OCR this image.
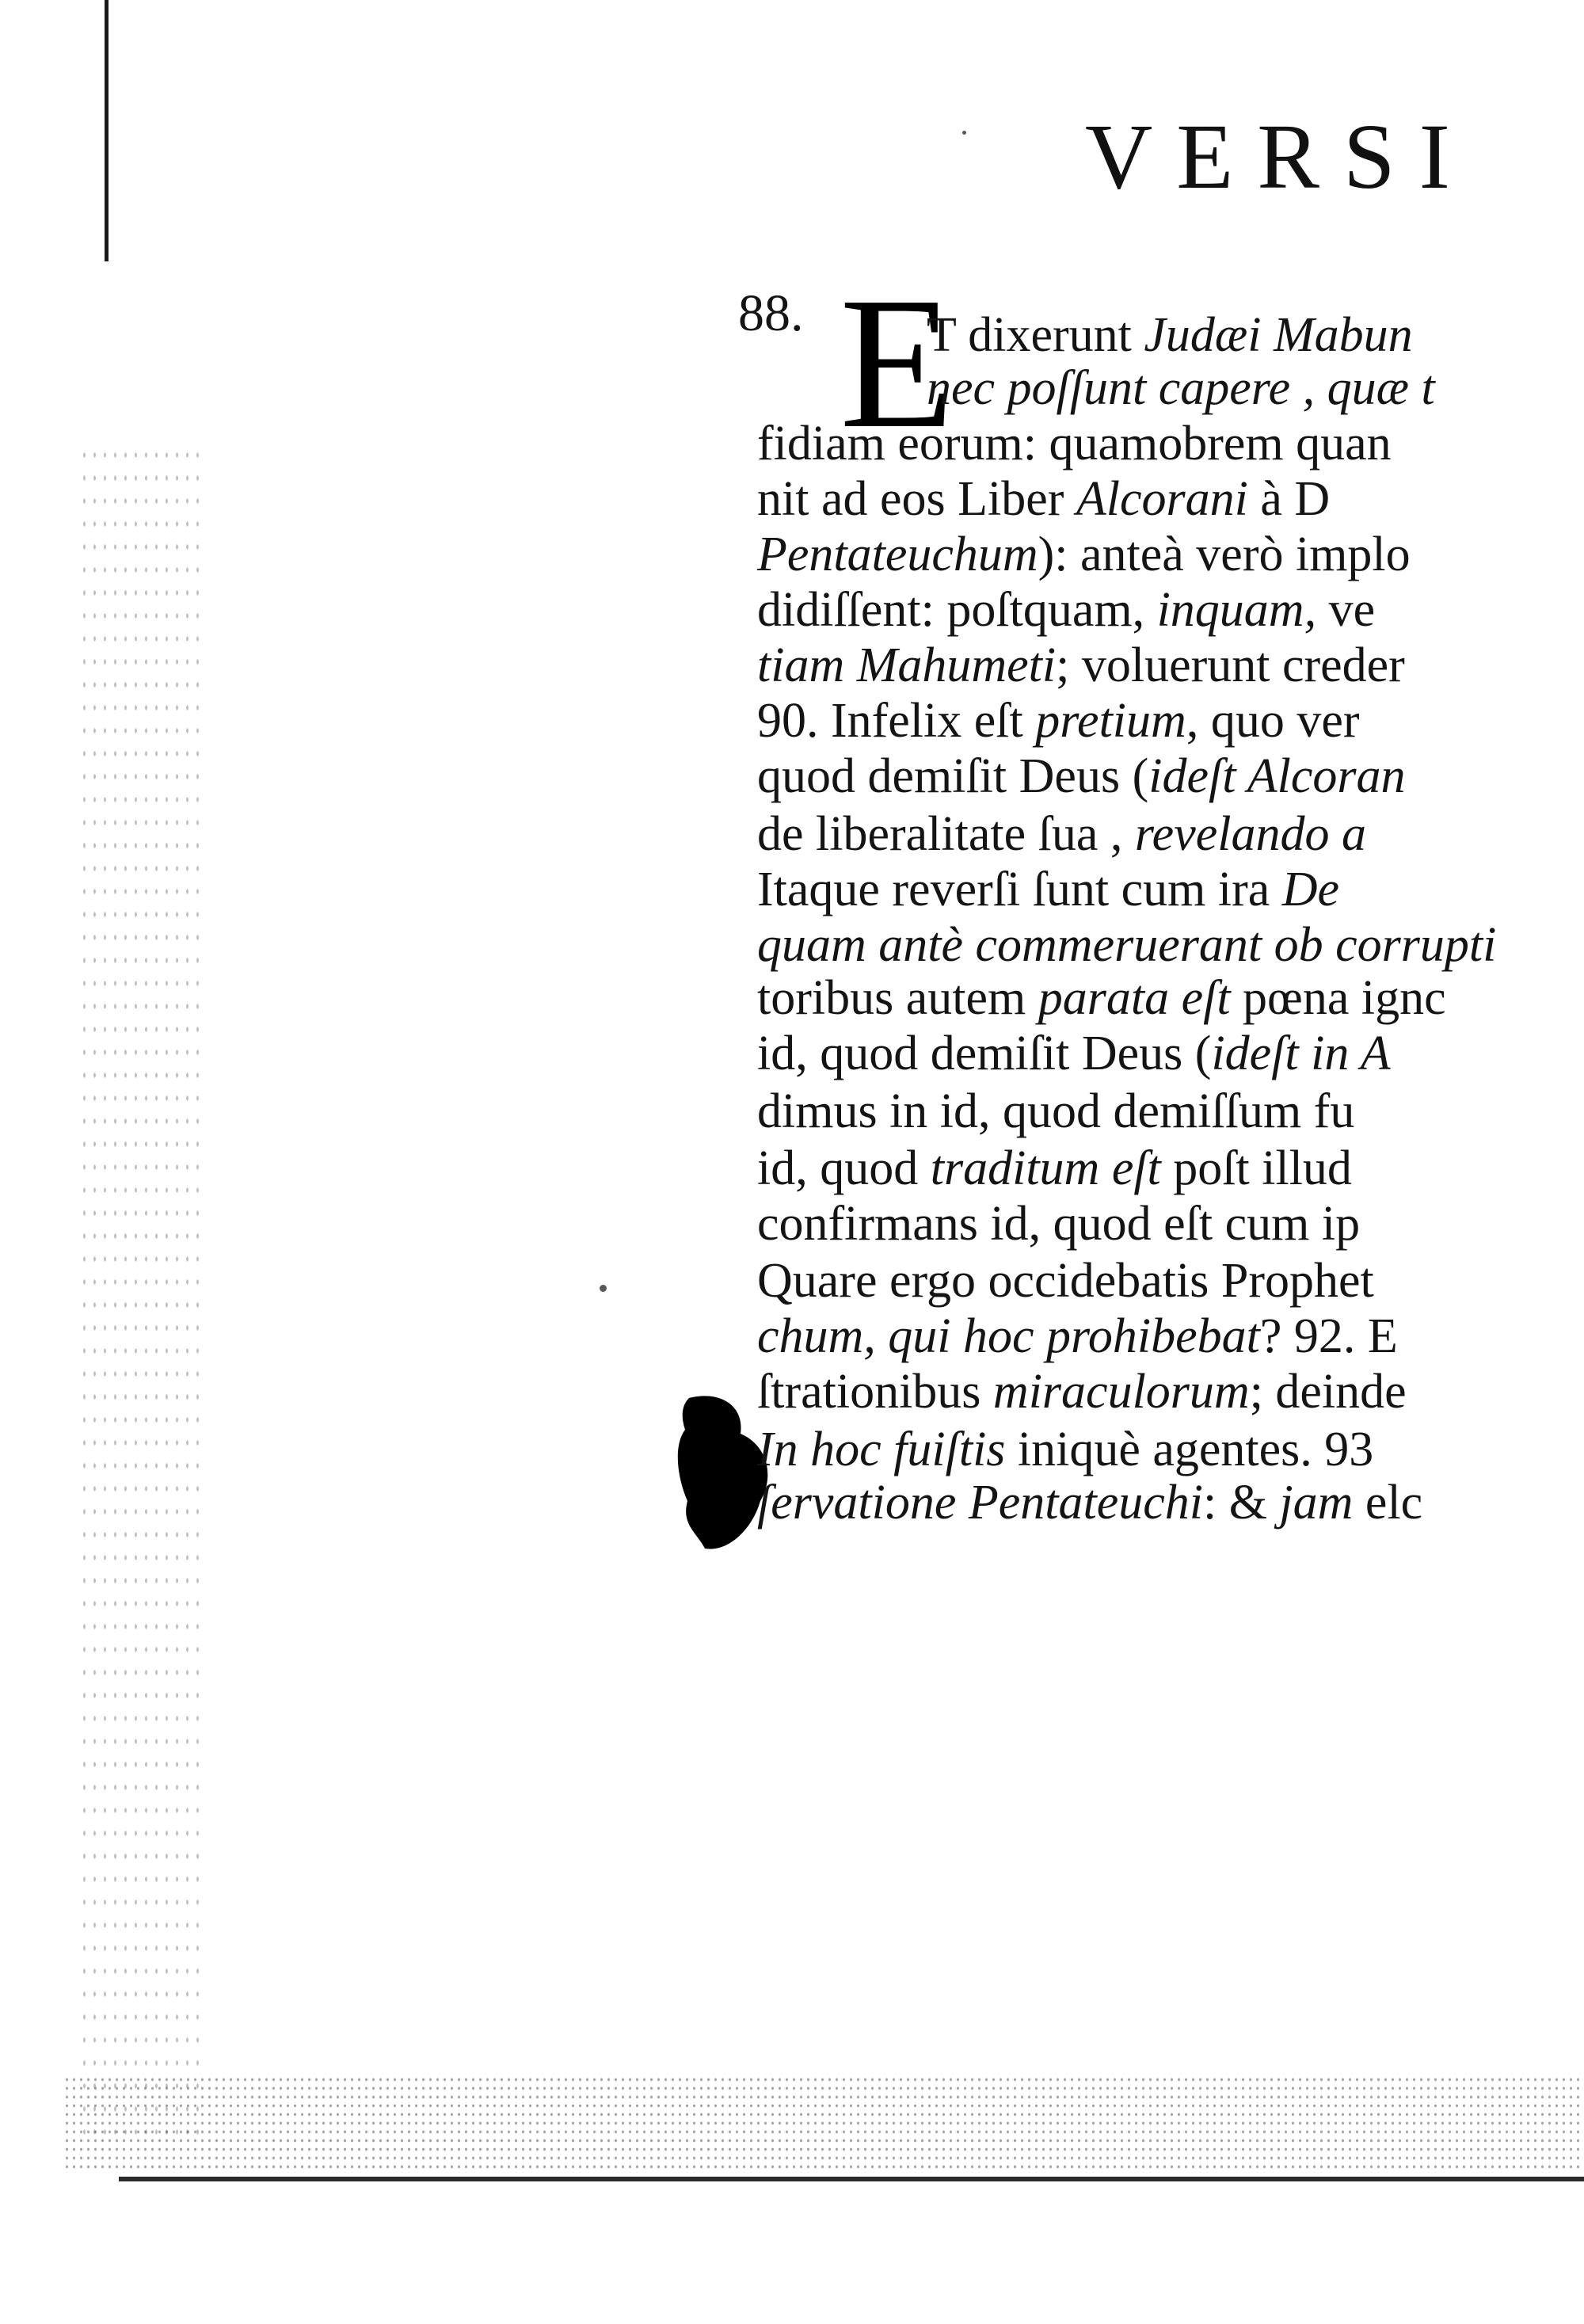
VERSI
88. E
T dixerunt Judæi Mabun
nec poſſunt capere , quæ t
fidiam eorum: quamobrem quan
nit ad eos Liber Alcorani à D
Pentateuchum): anteà verò implo
didiſſent: poſtquam, inquam, ve
tiam Mahumeti; voluerunt creder
90. Infelix eſt pretium, quo ver
quod demiſit Deus (ideſt Alcoran
de liberalitate ſua , revelando a
Itaque reverſi ſunt cum ira De
quam antè commeruerant ob corrupti
toribus autem parata eſt pœna ignc
id, quod demiſit Deus (ideſt in A
dimus in id, quod demiſſum fu
id, quod traditum eſt poſt illud
confirmans id, quod eſt cum ip
Quare ergo occidebatis Prophet
chum, qui hoc prohibebat? 92. E
ſtrationibus miraculorum; deinde
In hoc fuiſtis iniquè agentes. 93
ſervatione Pentateuchi: & jam elc
